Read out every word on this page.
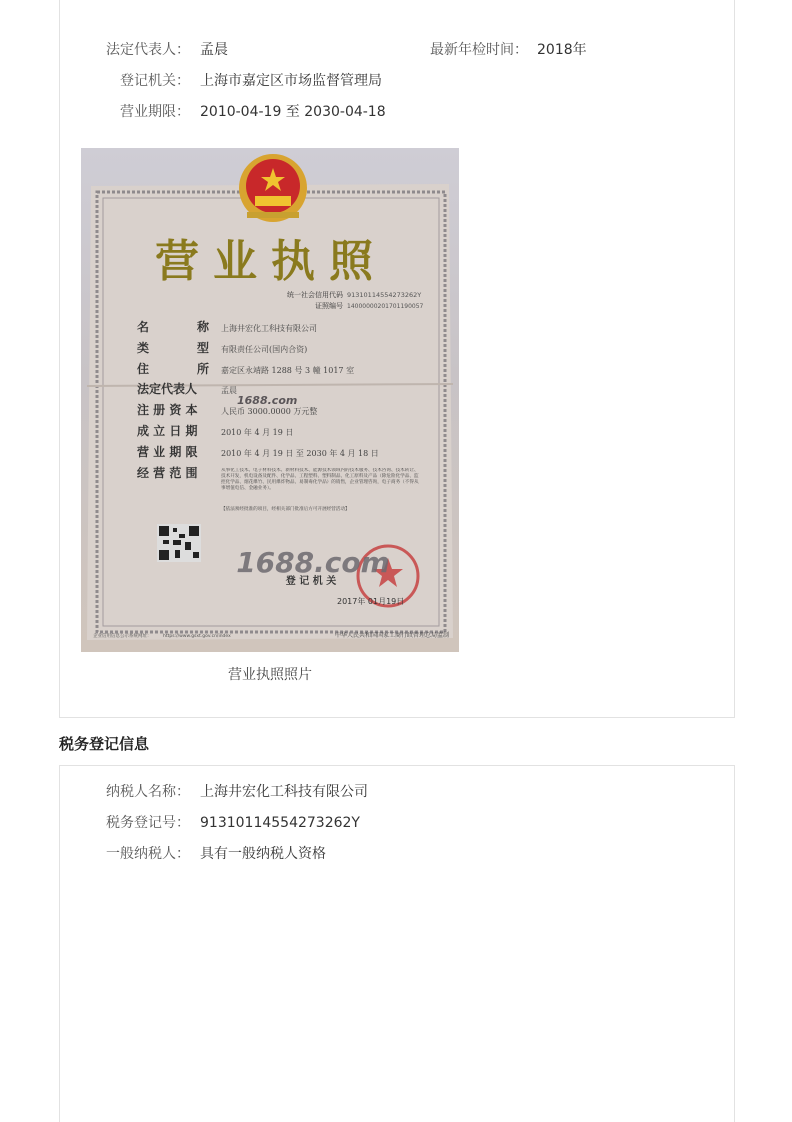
法定代表人： 孟晨	最新年检时间： 2018年
登记机关： 上海市嘉定区市场监督管理局
营业期限： 2010-04-19 至 2030-04-18
营业执照
统一社会信用代码 91310114554273262Y
证照编号 14000000201701190057
名　　　　称 上海井宏化工科技有限公司
类　　　　型 有限责任公司(国内合资)
住　　　　所 嘉定区永靖路 1288 号 3 幢 1017 室
法定代表人	孟晨
注 册 资 本	人民币 3000.0000 万元整
成 立 日 期	2010 年 4 月 19 日
营 业 期 限	2010 年 4 月 19 日 至 2030 年 4 月 18 日
经 营 范 围	从事化工技术、电子材料技术、新材料技术、能源技术领域内的技术服务、技术咨询、技术转让、技术开发，机电设备及配件、化学品、工程塑料、塑料制品、化工原料及产品（除危险化学品、监控化学品、烟花爆竹、民用爆炸物品、易制毒化学品）的销售，企业管理咨询，电子商务（不得从事增值电信、金融业务）。
【依法须经批准的项目，经相关部门批准后方可开展经营活动】
1688.com
1688.com
登 记 机 关
2017年 01月19日
企业信用信息公示系统网址：	https://www.gsxt.gov.cn/index	中华人民共和国国家工商行政管理总局监制
营业执照照片
税务登记信息
纳税人名称： 上海井宏化工科技有限公司
税务登记号： 91310114554273262Y
一般纳税人： 具有一般纳税人资格
